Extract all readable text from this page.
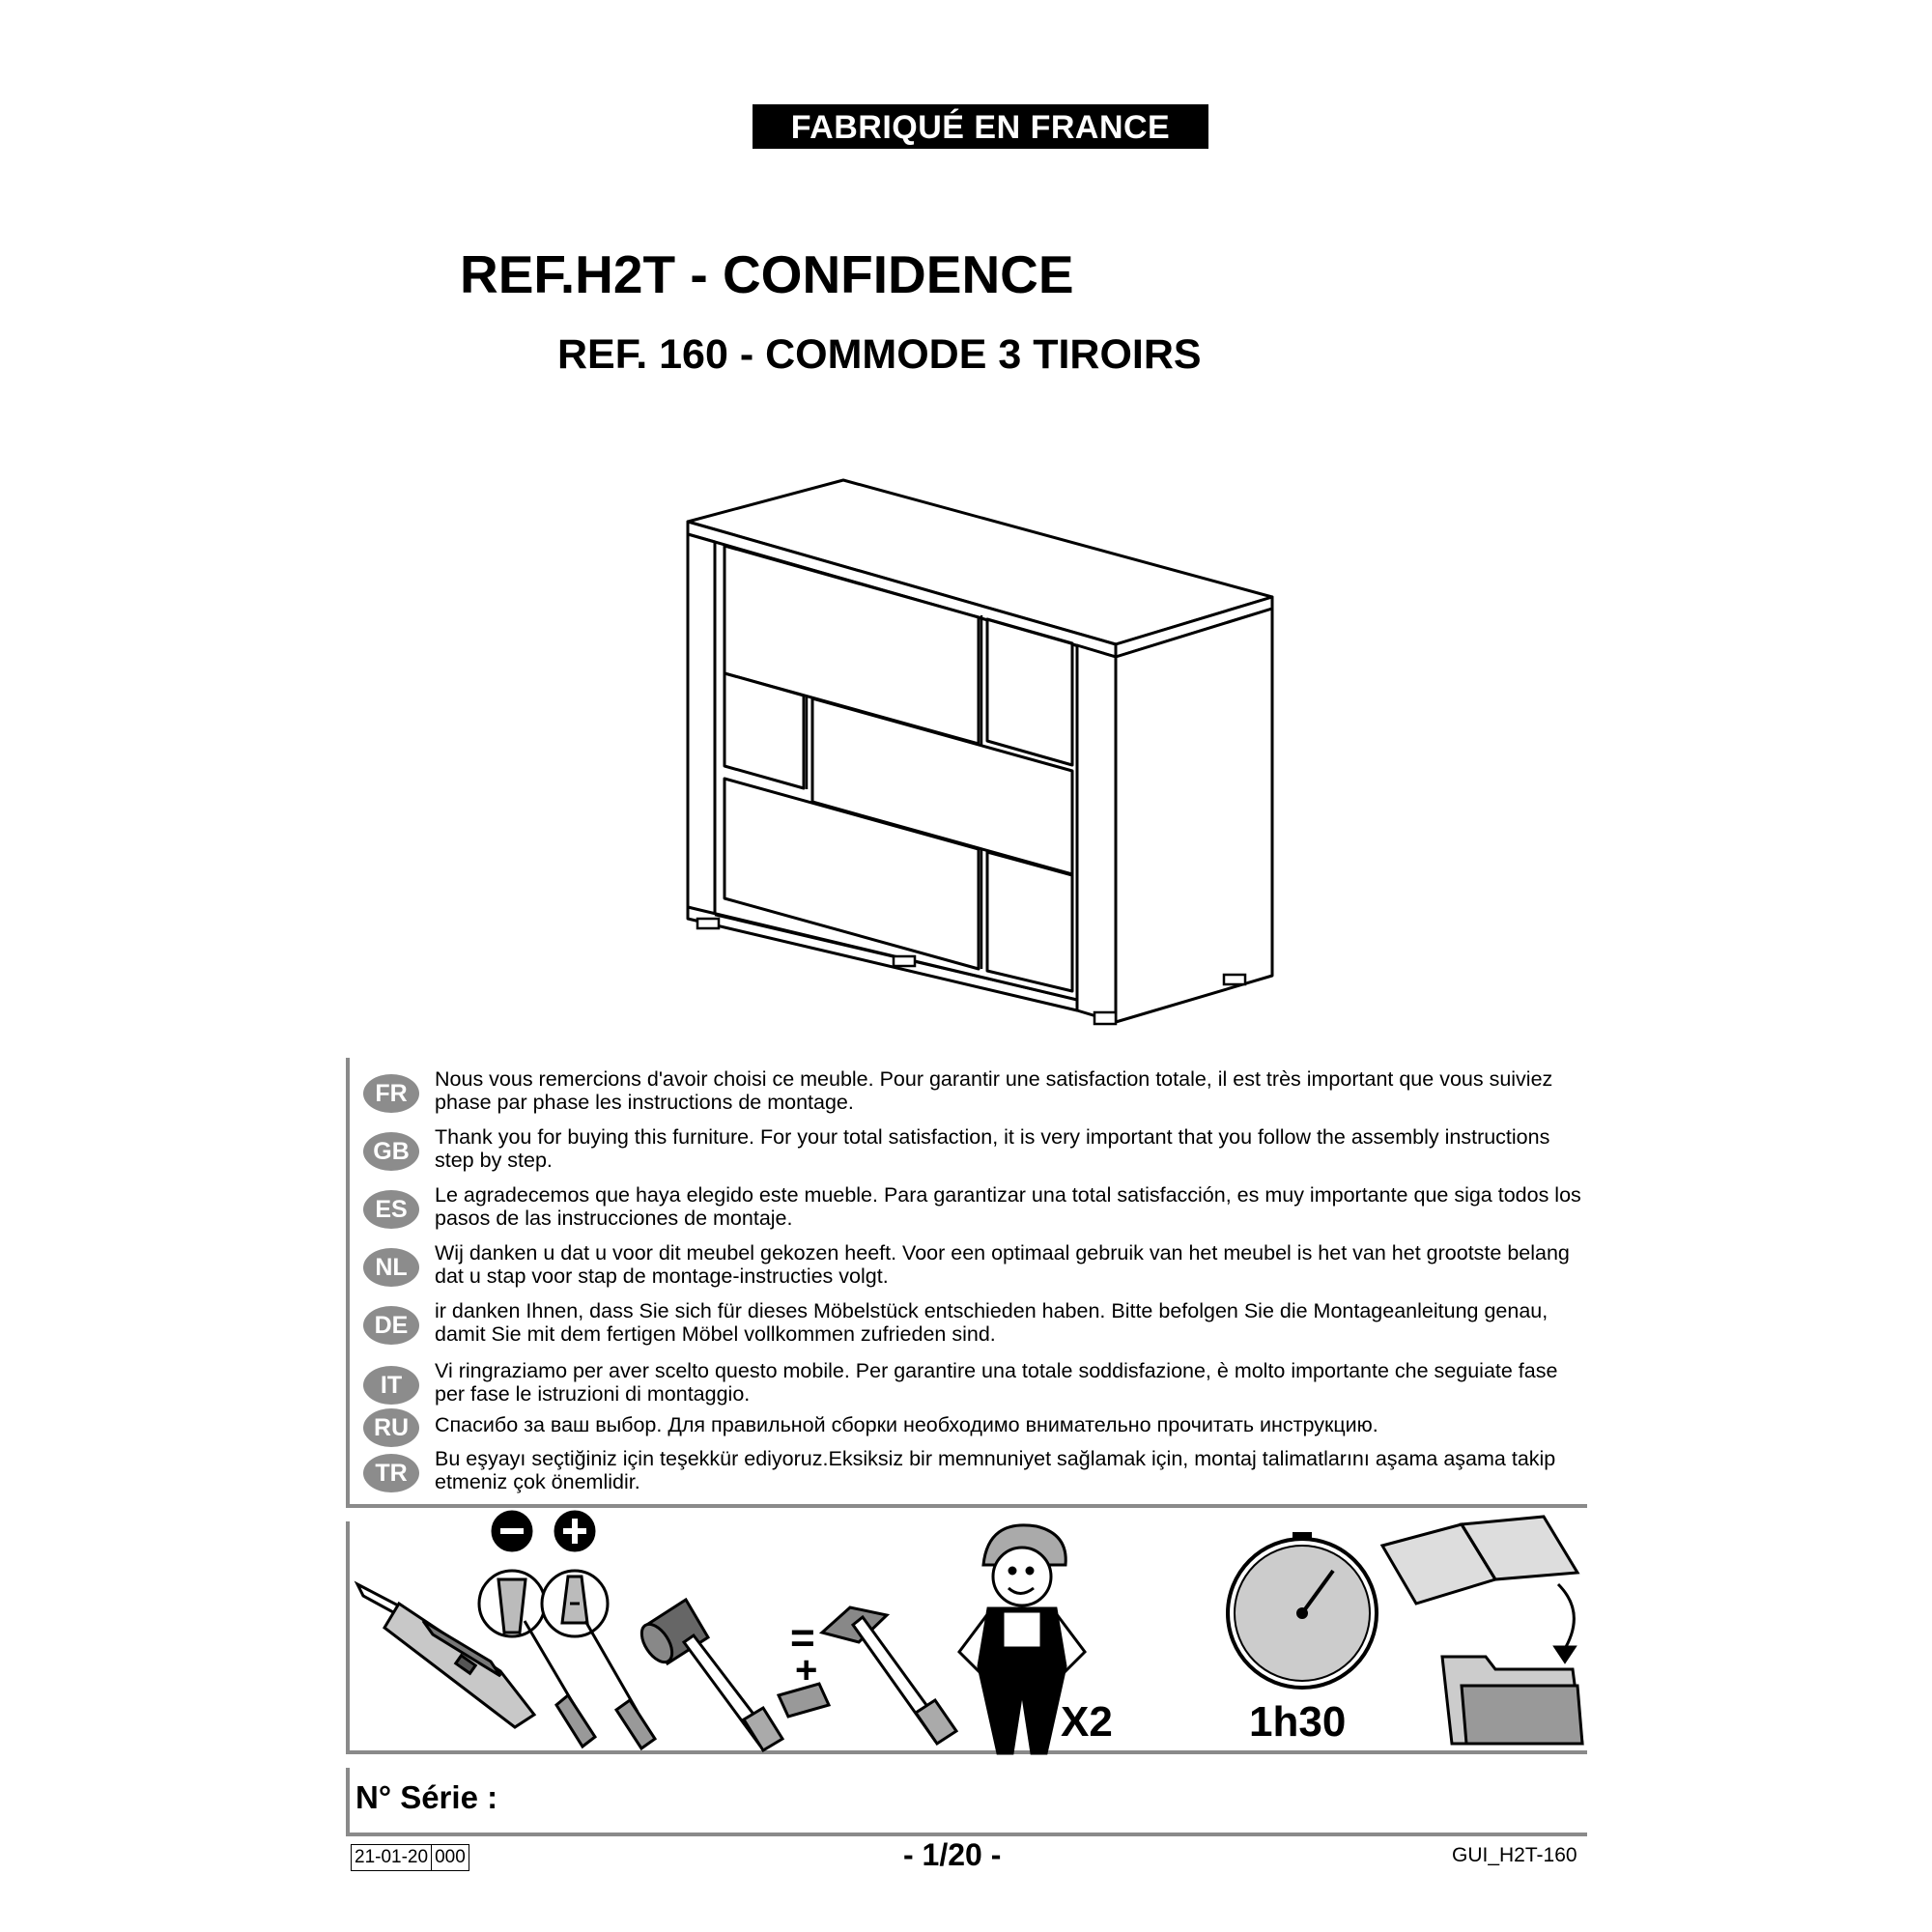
FABRIQUÉ EN FRANCE
REF.H2T - CONFIDENCE
REF. 160 - COMMODE 3 TIROIRS
FR
Nous vous remercions d'avoir choisi ce meuble. Pour garantir une satisfaction totale, il est très important que vous suiviez phase par phase les instructions de montage.
GB
Thank you for buying this furniture. For your total satisfaction, it is very important that you follow the assembly instructions step by step.
ES
Le agradecemos que haya elegido este mueble. Para garantizar una total satisfacción, es muy importante que siga todos los pasos de las instrucciones de montaje.
NL
Wij danken u dat u voor dit meubel gekozen heeft. Voor een optimaal gebruik van het meubel is het van het grootste belang dat u stap voor stap de montage-instructies volgt.
DE
ir danken Ihnen, dass Sie sich für dieses Möbelstück entschieden haben. Bitte befolgen Sie die Montageanleitung genau, damit Sie mit dem fertigen Möbel vollkommen zufrieden sind.
IT
Vi ringraziamo per aver scelto questo mobile. Per garantire una totale soddisfazione, è molto importante che seguiate fase per fase le istruzioni di montaggio.
RU	Спасибо за ваш выбор. Для правильной сборки необходимо внимательно прочитать инструкцию.
TR
Bu eşyayı seçtiğiniz için teşekkür ediyoruz.Eksiksiz bir memnuniyet sağlamak için, montaj talimatlarını aşama aşama takip etmeniz çok önemlidir.
=
+
X2	1h30
N° Série :
21-01-20 000	- 1/20 -	GUI_H2T-160
